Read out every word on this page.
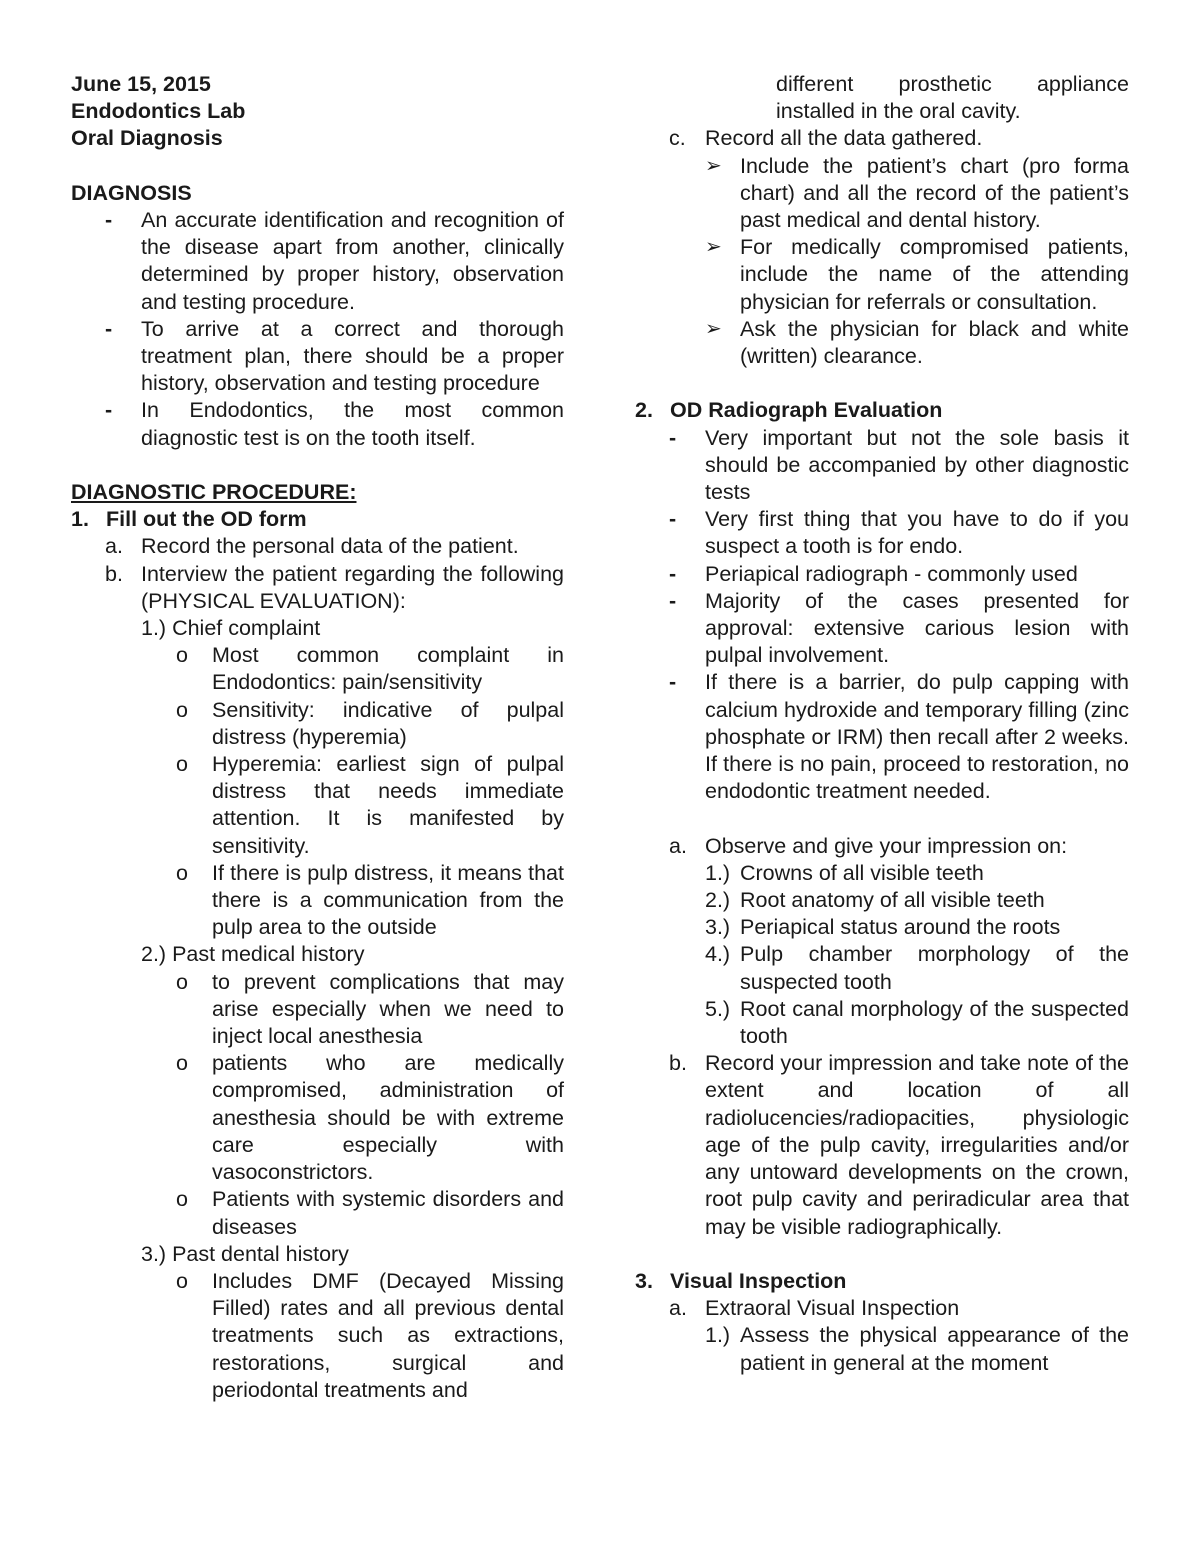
June 15, 2015
Endodontics Lab
Oral Diagnosis
DIAGNOSIS
- An accurate identification and recognition of the disease apart from another, clinically determined by proper history, observation and testing procedure.
- To arrive at a correct and thorough treatment plan, there should be a proper history, observation and testing procedure
- In Endodontics, the most common diagnostic test is on the tooth itself.
DIAGNOSTIC PROCEDURE:
1. Fill out the OD form
a. Record the personal data of the patient.
b. Interview the patient regarding the following (PHYSICAL EVALUATION):
1.) Chief complaint
o Most common complaint in Endodontics: pain/sensitivity
o Sensitivity: indicative of pulpal distress (hyperemia)
o Hyperemia: earliest sign of pulpal distress that needs immediate attention. It is manifested by sensitivity.
o If there is pulp distress, it means that there is a communication from the pulp area to the outside
2.) Past medical history
o to prevent complications that may arise especially when we need to inject local anesthesia
o patients who are medically compromised, administration of anesthesia should be with extreme care especially with vasoconstrictors.
o Patients with systemic disorders and diseases
3.) Past dental history
o Includes DMF (Decayed Missing Filled) rates and all previous dental treatments such as extractions, restorations, surgical and periodontal treatments and
different prosthetic appliance installed in the oral cavity.
c. Record all the data gathered.
➢ Include the patient’s chart (pro forma chart) and all the record of the patient’s past medical and dental history.
➢ For medically compromised patients, include the name of the attending physician for referrals or consultation.
➢ Ask the physician for black and white (written) clearance.
2. OD Radiograph Evaluation
- Very important but not the sole basis it should be accompanied by other diagnostic tests
- Very first thing that you have to do if you suspect a tooth is for endo.
- Periapical radiograph - commonly used
- Majority of the cases presented for approval: extensive carious lesion with pulpal involvement.
- If there is a barrier, do pulp capping with calcium hydroxide and temporary filling (zinc phosphate or IRM) then recall after 2 weeks. If there is no pain, proceed to restoration, no endodontic treatment needed.
a. Observe and give your impression on:
1.) Crowns of all visible teeth
2.) Root anatomy of all visible teeth
3.) Periapical status around the roots
4.) Pulp chamber morphology of the suspected tooth
5.) Root canal morphology of the suspected tooth
b. Record your impression and take note of the extent and location of all radiolucencies/radiopacities, physiologic age of the pulp cavity, irregularities and/or any untoward developments on the crown, root pulp cavity and periradicular area that may be visible radiographically.
3. Visual Inspection
a. Extraoral Visual Inspection
1.) Assess the physical appearance of the patient in general at the moment
